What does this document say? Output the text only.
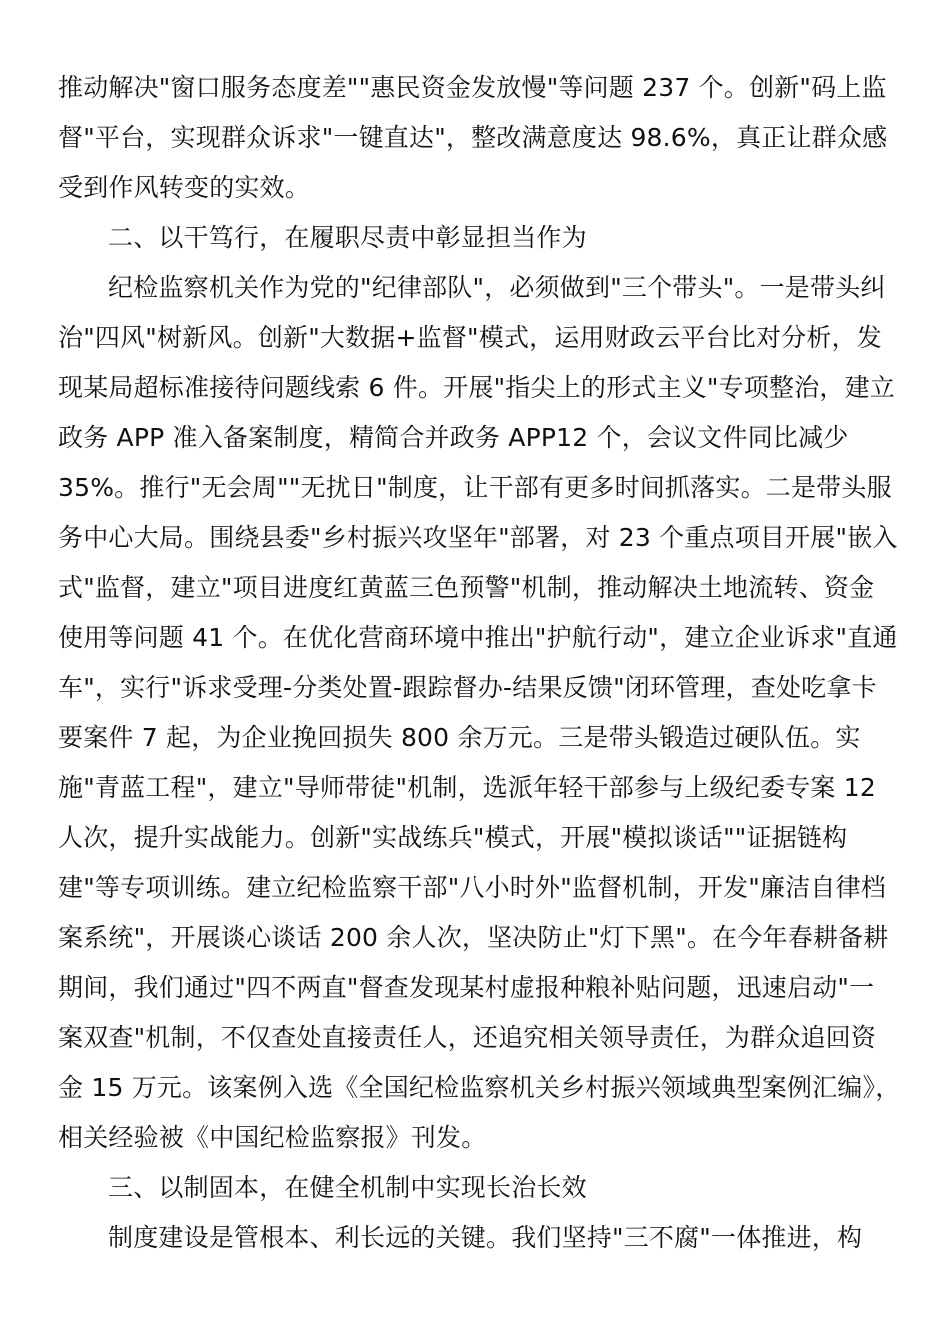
推动解决"窗口服务态度差""惠民资金发放慢"等问题 237 个。创新"码上监
督"平台，实现群众诉求"一键直达"，整改满意度达 98.6%，真正让群众感
受到作风转变的实效。
二、以干笃行，在履职尽责中彰显担当作为
纪检监察机关作为党的"纪律部队"，必须做到"三个带头"。一是带头纠
治"四风"树新风。创新"大数据+监督"模式，运用财政云平台比对分析，发
现某局超标准接待问题线索 6 件。开展"指尖上的形式主义"专项整治，建立
政务 APP 准入备案制度，精简合并政务 APP12 个，会议文件同比减少
35%。推行"无会周""无扰日"制度，让干部有更多时间抓落实。二是带头服
务中心大局。围绕县委"乡村振兴攻坚年"部署，对 23 个重点项目开展"嵌入
式"监督，建立"项目进度红黄蓝三色预警"机制，推动解决土地流转、资金
使用等问题 41 个。在优化营商环境中推出"护航行动"，建立企业诉求"直通
车"，实行"诉求受理-分类处置-跟踪督办-结果反馈"闭环管理，查处吃拿卡
要案件 7 起，为企业挽回损失 800 余万元。三是带头锻造过硬队伍。实
施"青蓝工程"，建立"导师带徒"机制，选派年轻干部参与上级纪委专案 12
人次，提升实战能力。创新"实战练兵"模式，开展"模拟谈话""证据链构
建"等专项训练。建立纪检监察干部"八小时外"监督机制，开发"廉洁自律档
案系统"，开展谈心谈话 200 余人次，坚决防止"灯下黑"。在今年春耕备耕
期间，我们通过"四不两直"督查发现某村虚报种粮补贴问题，迅速启动"一
案双查"机制，不仅查处直接责任人，还追究相关领导责任，为群众追回资
金 15 万元。该案例入选《全国纪检监察机关乡村振兴领域典型案例汇编》，
相关经验被《中国纪检监察报》刊发。
三、以制固本，在健全机制中实现长治长效
制度建设是管根本、利长远的关键。我们坚持"三不腐"一体推进，构
